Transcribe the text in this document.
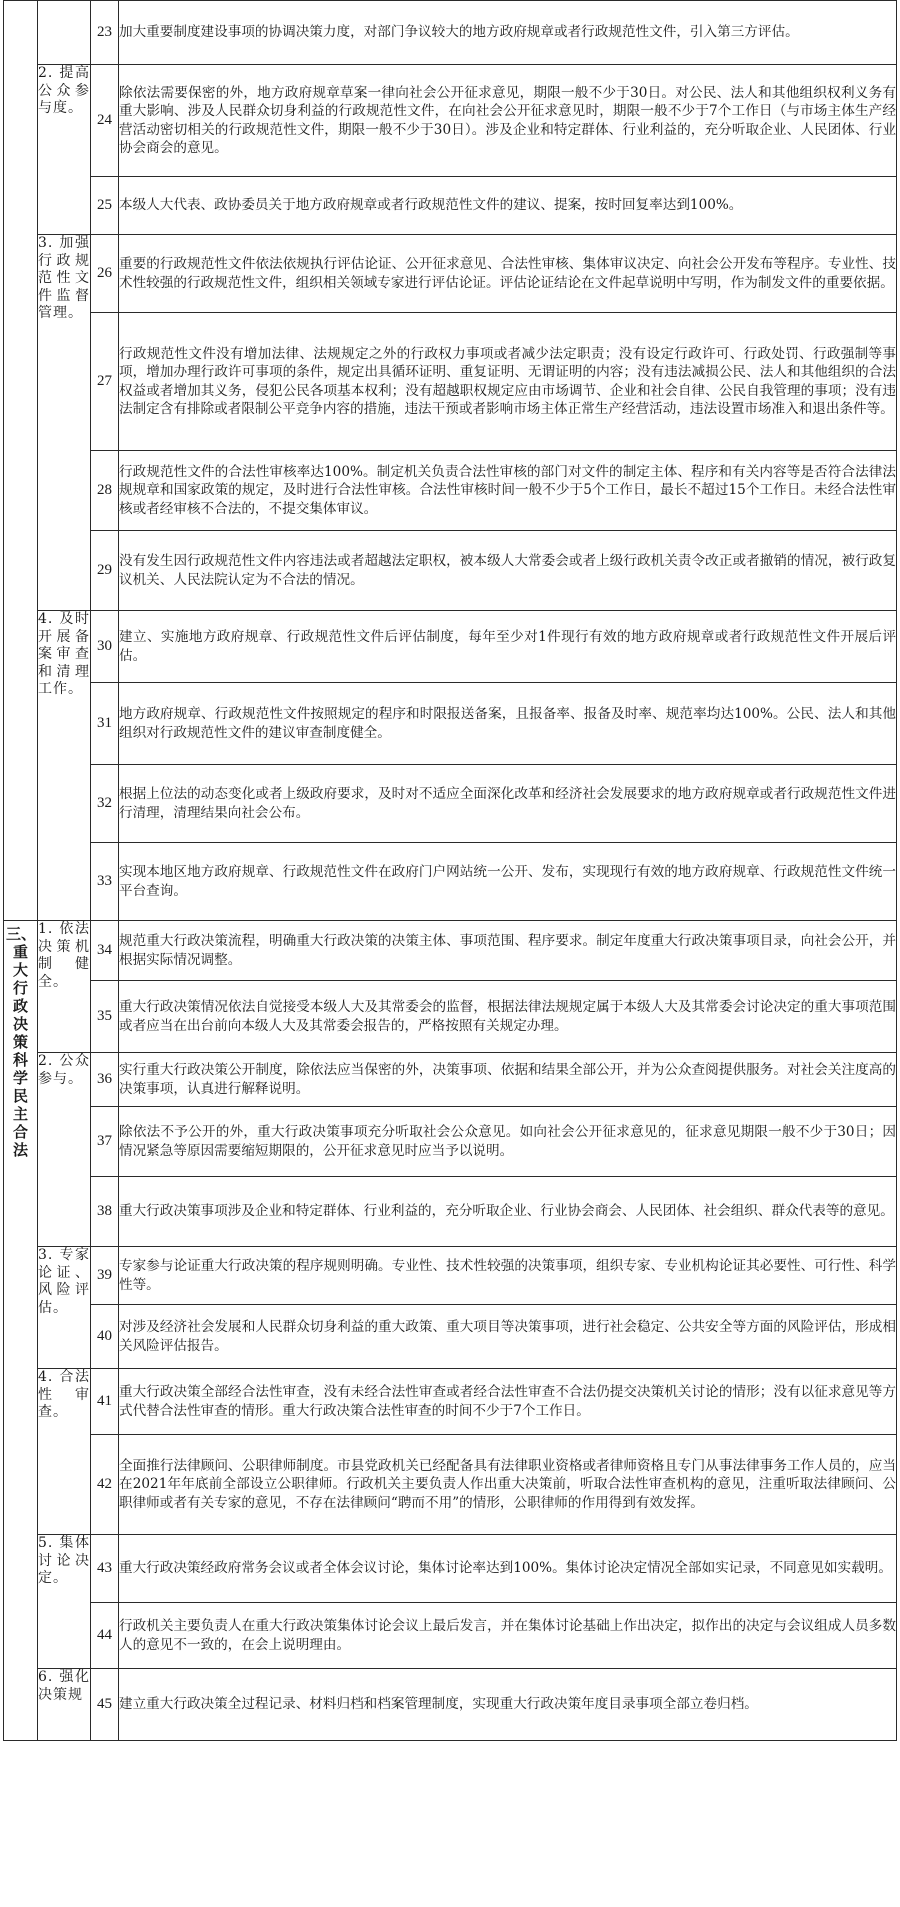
		23	加大重要制度建设事项的协调决策力度，对部门争议较大的地方政府规章或者行政规范性文件，引入第三方评估。
	2. 提高公众参与度。	24	除依法需要保密的外，地方政府规章草案一律向社会公开征求意见，期限一般不少于30日。对公民、法人和其他组织权利义务有重大影响、涉及人民群众切身利益的行政规范性文件，在向社会公开征求意见时，期限一般不少于7个工作日（与市场主体生产经营活动密切相关的行政规范性文件，期限一般不少于30日）。涉及企业和特定群体、行业利益的，充分听取企业、人民团体、行业协会商会的意见。
		25	本级人大代表、政协委员关于地方政府规章或者行政规范性文件的建议、提案，按时回复率达到100%。
	3. 加强行政规范性文件监督管理。	26	重要的行政规范性文件依法依规执行评估论证、公开征求意见、合法性审核、集体审议决定、向社会公开发布等程序。专业性、技术性较强的行政规范性文件，组织相关领域专家进行评估论证。评估论证结论在文件起草说明中写明，作为制发文件的重要依据。
		27	行政规范性文件没有增加法律、法规规定之外的行政权力事项或者减少法定职责；没有设定行政许可、行政处罚、行政强制等事项，增加办理行政许可事项的条件，规定出具循环证明、重复证明、无谓证明的内容；没有违法减损公民、法人和其他组织的合法权益或者增加其义务，侵犯公民各项基本权利；没有超越职权规定应由市场调节、企业和社会自律、公民自我管理的事项；没有违法制定含有排除或者限制公平竞争内容的措施，违法干预或者影响市场主体正常生产经营活动，违法设置市场准入和退出条件等。
		28	行政规范性文件的合法性审核率达100%。制定机关负责合法性审核的部门对文件的制定主体、程序和有关内容等是否符合法律法规规章和国家政策的规定，及时进行合法性审核。合法性审核时间一般不少于5个工作日，最长不超过15个工作日。未经合法性审核或者经审核不合法的，不提交集体审议。
		29	没有发生因行政规范性文件内容违法或者超越法定职权，被本级人大常委会或者上级行政机关责令改正或者撤销的情况，被行政复议机关、人民法院认定为不合法的情况。
	4. 及时开展备案审查和清理工作。	30	建立、实施地方政府规章、行政规范性文件后评估制度，每年至少对1件现行有效的地方政府规章或者行政规范性文件开展后评估。
		31	地方政府规章、行政规范性文件按照规定的程序和时限报送备案，且报备率、报备及时率、规范率均达100%。公民、法人和其他组织对行政规范性文件的建议审查制度健全。
		32	根据上位法的动态变化或者上级政府要求，及时对不适应全面深化改革和经济社会发展要求的地方政府规章或者行政规范性文件进行清理，清理结果向社会公布。
		33	实现本地区地方政府规章、行政规范性文件在政府门户网站统一公开、发布，实现现行有效的地方政府规章、行政规范性文件统一平台查询。

三、重大行政决策科学民主合法	1. 依法决策机制健全。	34	规范重大行政决策流程，明确重大行政决策的决策主体、事项范围、程序要求。制定年度重大行政决策事项目录，向社会公开，并根据实际情况调整。
		35	重大行政决策情况依法自觉接受本级人大及其常委会的监督，根据法律法规规定属于本级人大及其常委会讨论决定的重大事项范围或者应当在出台前向本级人大及其常委会报告的，严格按照有关规定办理。
	2. 公众参与。	36	实行重大行政决策公开制度，除依法应当保密的外，决策事项、依据和结果全部公开，并为公众查阅提供服务。对社会关注度高的决策事项，认真进行解释说明。
		37	除依法不予公开的外，重大行政决策事项充分听取社会公众意见。如向社会公开征求意见的，征求意见期限一般不少于30日；因情况紧急等原因需要缩短期限的，公开征求意见时应当予以说明。
		38	重大行政决策事项涉及企业和特定群体、行业利益的，充分听取企业、行业协会商会、人民团体、社会组织、群众代表等的意见。
	3. 专家论证、风险评估。	39	专家参与论证重大行政决策的程序规则明确。专业性、技术性较强的决策事项，组织专家、专业机构论证其必要性、可行性、科学性等。
		40	对涉及经济社会发展和人民群众切身利益的重大政策、重大项目等决策事项，进行社会稳定、公共安全等方面的风险评估，形成相关风险评估报告。
	4. 合法性审查。	41	重大行政决策全部经合法性审查，没有未经合法性审查或者经合法性审查不合法仍提交决策机关讨论的情形；没有以征求意见等方式代替合法性审查的情形。重大行政决策合法性审查的时间不少于7个工作日。
		42	全面推行法律顾问、公职律师制度。市县党政机关已经配备具有法律职业资格或者律师资格且专门从事法律事务工作人员的，应当在2021年年底前全部设立公职律师。行政机关主要负责人作出重大决策前，听取合法性审查机构的意见，注重听取法律顾问、公职律师或者有关专家的意见，不存在法律顾问“聘而不用”的情形，公职律师的作用得到有效发挥。
	5. 集体讨论决定。	43	重大行政决策经政府常务会议或者全体会议讨论，集体讨论率达到100%。集体讨论决定情况全部如实记录，不同意见如实载明。
		44	行政机关主要负责人在重大行政决策集体讨论会议上最后发言，并在集体讨论基础上作出决定，拟作出的决定与会议组成人员多数人的意见不一致的，在会上说明理由。
	6. 强化决策规	45	建立重大行政决策全过程记录、材料归档和档案管理制度，实现重大行政决策年度目录事项全部立卷归档。
